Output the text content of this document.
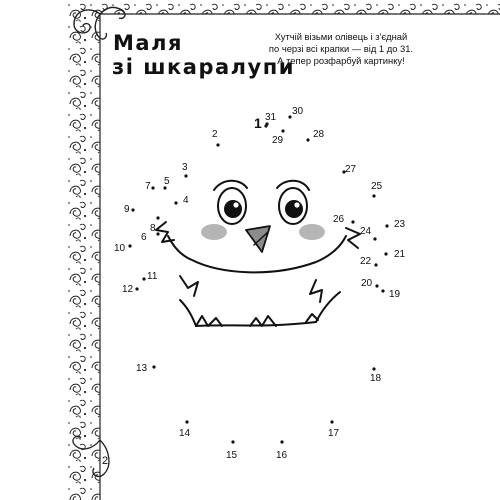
1
2
3
4
5
6
7
8
9
10
11
12
13
14
15	16
17
18
19
20
21
22
23
24
25
26
27
28
29
30
31
Маля
зі шкаралупи
Хутчій візьми олівець і з'єднай
по черзі всі крапки — від 1 до 31.
А тепер розфарбуй картинку!
2
